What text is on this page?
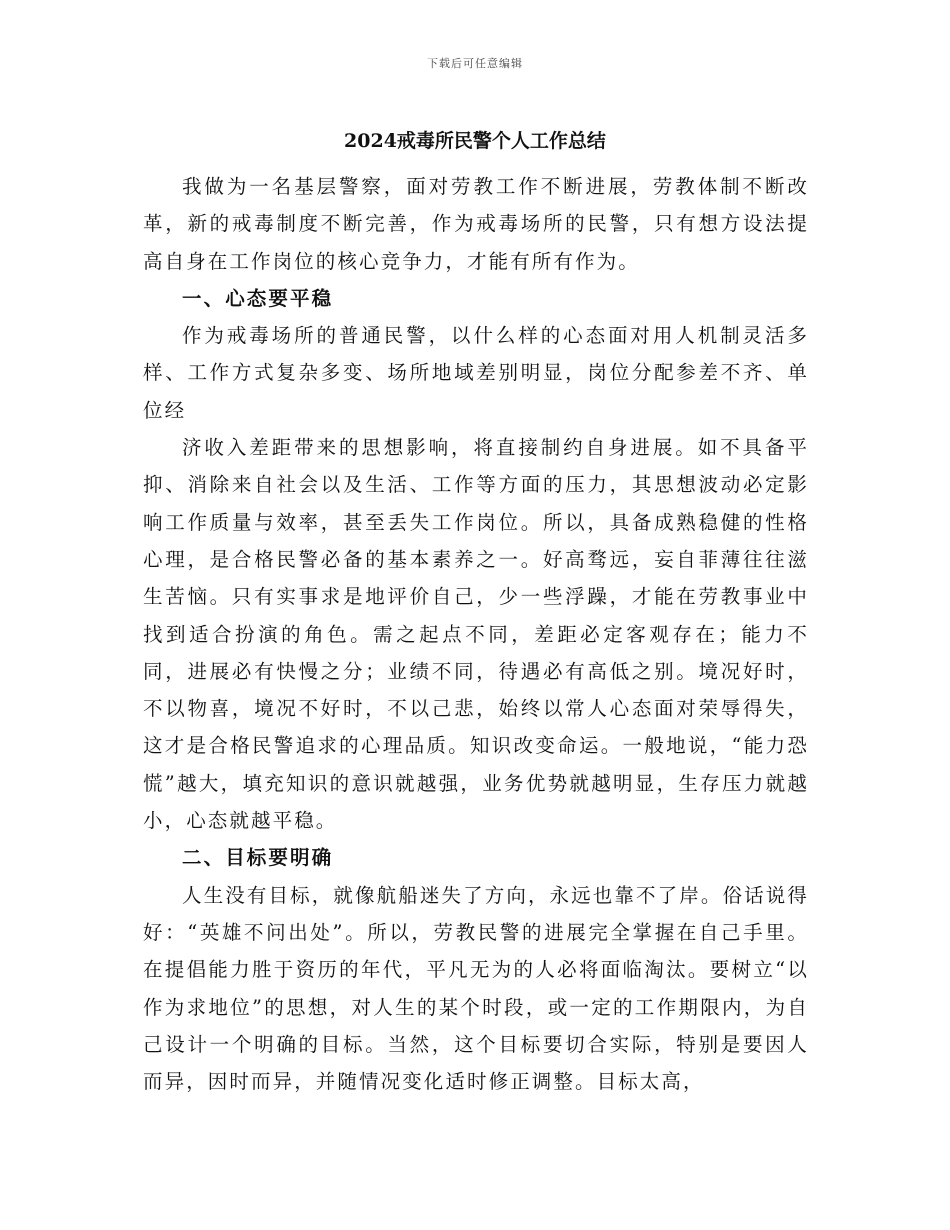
下载后可任意编辑
2024戒毒所民警个人工作总结

我做为一名基层警察，面对劳教工作不断进展，劳教体制不断改革，新的戒毒制度不断完善，作为戒毒场所的民警，只有想方设法提高自身在工作岗位的核心竞争力，才能有所有作为。

一、心态要平稳

作为戒毒场所的普通民警，以什么样的心态面对用人机制灵活多样、工作方式复杂多变、场所地域差别明显，岗位分配参差不齐、单位经

济收入差距带来的思想影响，将直接制约自身进展。如不具备平抑、消除来自社会以及生活、工作等方面的压力，其思想波动必定影响工作质量与效率，甚至丢失工作岗位。所以，具备成熟稳健的性格心理，是合格民警必备的基本素养之一。好高骛远，妄自菲薄往往滋生苦恼。只有实事求是地评价自己，少一些浮躁，才能在劳教事业中找到适合扮演的角色。需之起点不同，差距必定客观存在；能力不同，进展必有快慢之分；业绩不同，待遇必有高低之别。境况好时，不以物喜，境况不好时，不以己悲，始终以常人心态面对荣辱得失，这才是合格民警追求的心理品质。知识改变命运。一般地说，“能力恐慌”越大，填充知识的意识就越强，业务优势就越明显，生存压力就越小，心态就越平稳。

二、目标要明确

人生没有目标，就像航船迷失了方向，永远也靠不了岸。俗话说得好：“英雄不问出处”。所以，劳教民警的进展完全掌握在自己手里。在提倡能力胜于资历的年代，平凡无为的人必将面临淘汰。要树立“以作为求地位”的思想，对人生的某个时段，或一定的工作期限内，为自己设计一个明确的目标。当然，这个目标要切合实际，特别是要因人而异，因时而异，并随情况变化适时修正调整。目标太高，
